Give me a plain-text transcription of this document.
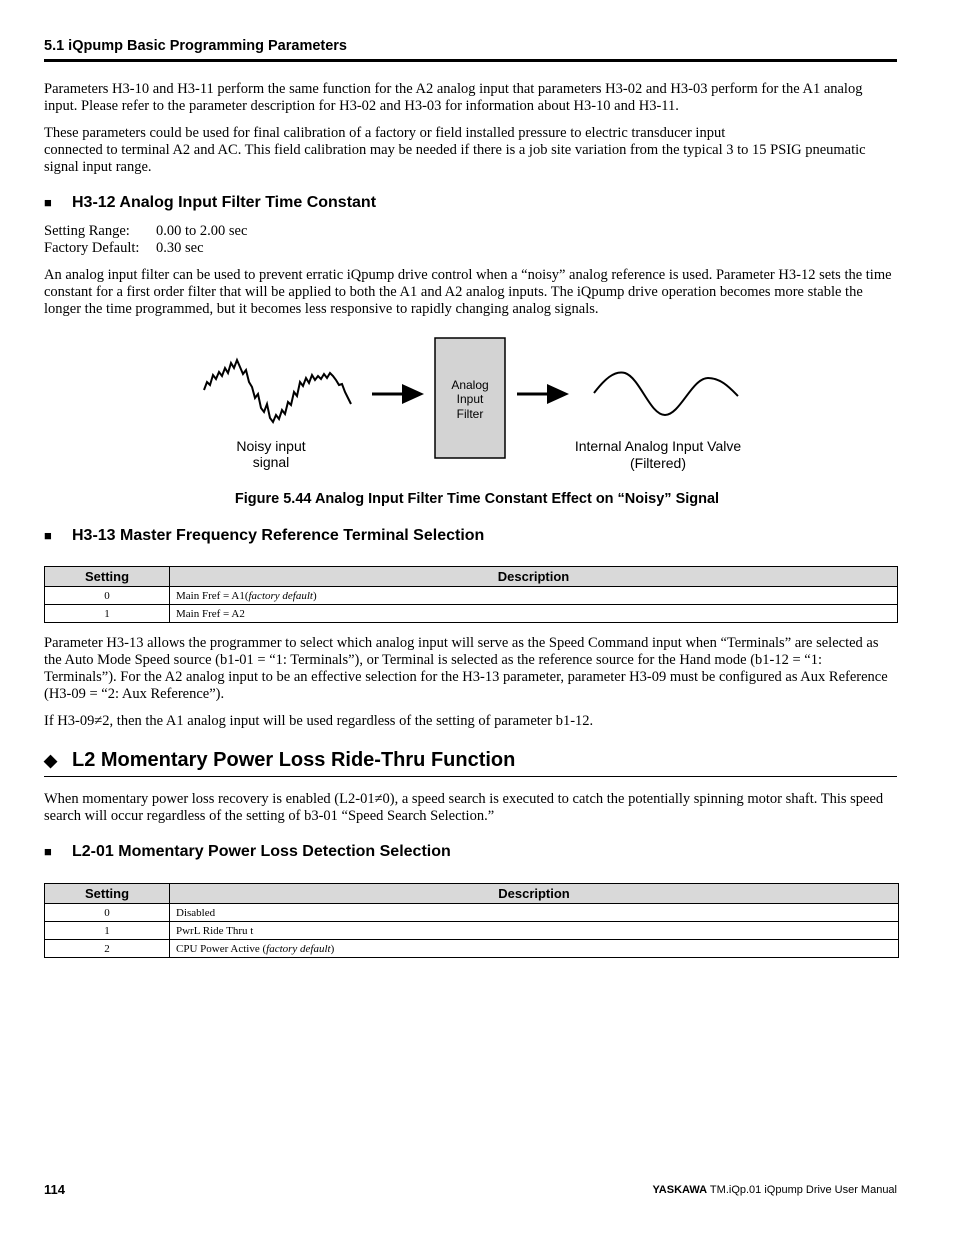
5.1 iQpump Basic Programming Parameters

Parameters H3-10 and H3-11 perform the same function for the A2 analog input that parameters H3-02 and H3-03 perform for the A1 analog input. Please refer to the parameter description for H3-02 and H3-03 for information about H3-10 and H3-11.

These parameters could be used for final calibration of a factory or field installed pressure to electric transducer input
connected to terminal A2 and AC. This field calibration may be needed if there is a job site variation from the typical 3 to 15 PSIG pneumatic signal input range.

■ H3-12 Analog Input Filter Time Constant
Setting Range: 0.00 to 2.00 sec
Factory Default: 0.30 sec

An analog input filter can be used to prevent erratic iQpump drive control when a “noisy” analog reference is used. Parameter H3-12 sets the time constant for a first order filter that will be applied to both the A1 and A2 analog inputs. The iQpump drive operation becomes more stable the longer the time programmed, but it becomes less responsive to rapidly changing analog signals.

Analog
Input
Filter
Noisy input
signal
Internal Analog Input Valve
(Filtered)
Figure 5.44 Analog Input Filter Time Constant Effect on “Noisy” Signal
■ H3-13 Master Frequency Reference Terminal Selection
Setting	Description
0	Main Fref = A1(factory default)
1	Main Fref = A2

Parameter H3-13 allows the programmer to select which analog input will serve as the Speed Command input when “Terminals” are selected as the Auto Mode Speed source (b1-01 = “1: Terminals”), or Terminal is selected as the reference source for the Hand mode (b1-12 = “1: Terminals”). For the A2 analog input to be an effective selection for the H3-13 parameter, parameter H3-09 must be configured as Aux Reference (H3-09 = “2: Aux Reference”).

If H3-09≠2, then the A1 analog input will be used regardless of the setting of parameter b1-12.

◆ L2 Momentary Power Loss Ride-Thru Function

When momentary power loss recovery is enabled (L2-01≠0), a speed search is executed to catch the potentially spinning motor shaft. This speed search will occur regardless of the setting of b3-01 “Speed Search Selection.”

■ L2-01 Momentary Power Loss Detection Selection
Setting	Description
0	Disabled
1	PwrL Ride Thru t
2	CPU Power Active (factory default)
114	YASKAWA TM.iQp.01 iQpump Drive User Manual
